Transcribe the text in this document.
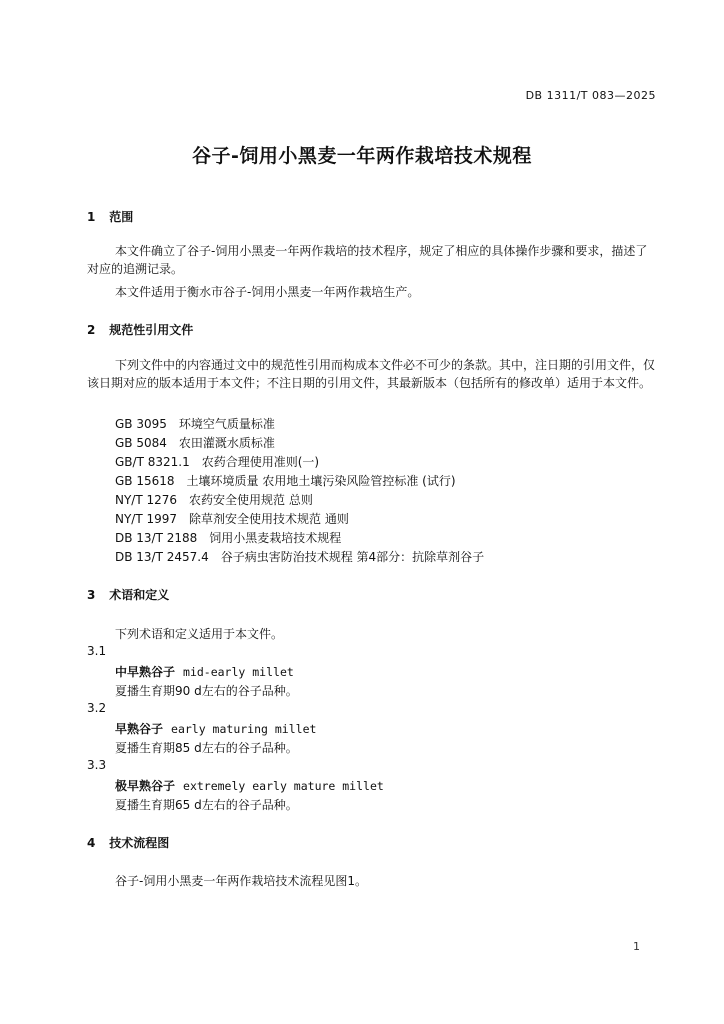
DB 1311/T 083—2025
谷子-饲用小黑麦一年两作栽培技术规程
1 范围
本文件确立了谷子-饲用小黑麦一年两作栽培的技术程序，规定了相应的具体操作步骤和要求，描述了对应的追溯记录。
本文件适用于衡水市谷子-饲用小黑麦一年两作栽培生产。
2 规范性引用文件
下列文件中的内容通过文中的规范性引用而构成本文件必不可少的条款。其中，注日期的引用文件，仅该日期对应的版本适用于本文件；不注日期的引用文件，其最新版本（包括所有的修改单）适用于本文件。
GB 3095　环境空气质量标准
GB 5084　农田灌溉水质标准
GB/T 8321.1　农药合理使用准则(一)
GB 15618　土壤环境质量 农用地土壤污染风险管控标准 (试行)
NY/T 1276　农药安全使用规范 总则
NY/T 1997　除草剂安全使用技术规范 通则
DB 13/T 2188　饲用小黑麦栽培技术规程
DB 13/T 2457.4　谷子病虫害防治技术规程 第4部分：抗除草剂谷子
3 术语和定义
下列术语和定义适用于本文件。
3.1
中早熟谷子 mid-early millet
夏播生育期90 d左右的谷子品种。
3.2
早熟谷子 early maturing millet
夏播生育期85 d左右的谷子品种。
3.3
极早熟谷子 extremely early mature millet
夏播生育期65 d左右的谷子品种。
4 技术流程图
谷子-饲用小黑麦一年两作栽培技术流程见图1。
1
